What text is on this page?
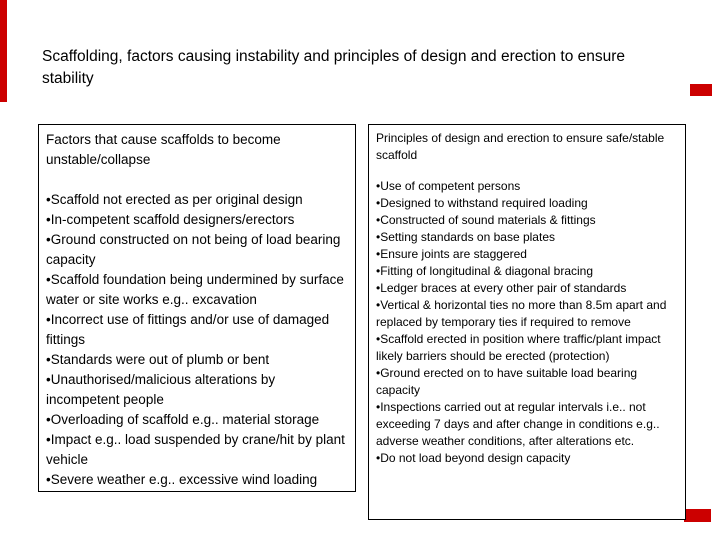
Scaffolding, factors causing instability and principles of design and erection to ensure stability
Factors that cause scaffolds to become unstable/collapse
•Scaffold not erected as per original design
•In-competent scaffold designers/erectors
•Ground constructed on not being of load bearing capacity
•Scaffold foundation being undermined by surface water or site works e.g.. excavation
•Incorrect use of fittings and/or use of damaged fittings
•Standards were out of plumb or bent
•Unauthorised/malicious alterations by incompetent people
•Overloading of scaffold e.g.. material storage
•Impact e.g.. load suspended by crane/hit by plant vehicle
•Severe weather e.g.. excessive wind loading
Principles of design and erection to ensure safe/stable scaffold
•Use of competent persons
•Designed to withstand required loading
•Constructed of sound materials & fittings
•Setting standards on base plates
•Ensure joints are staggered
•Fitting of longitudinal & diagonal bracing
•Ledger braces at every other pair of standards
•Vertical & horizontal ties no more than 8.5m apart and replaced by temporary ties if required to remove
•Scaffold erected in position where traffic/plant impact likely barriers should be erected (protection)
•Ground erected on to have suitable load bearing capacity
•Inspections carried out at regular intervals i.e.. not exceeding 7 days and after change in conditions e.g.. adverse weather conditions, after alterations etc.
•Do not load beyond design capacity
